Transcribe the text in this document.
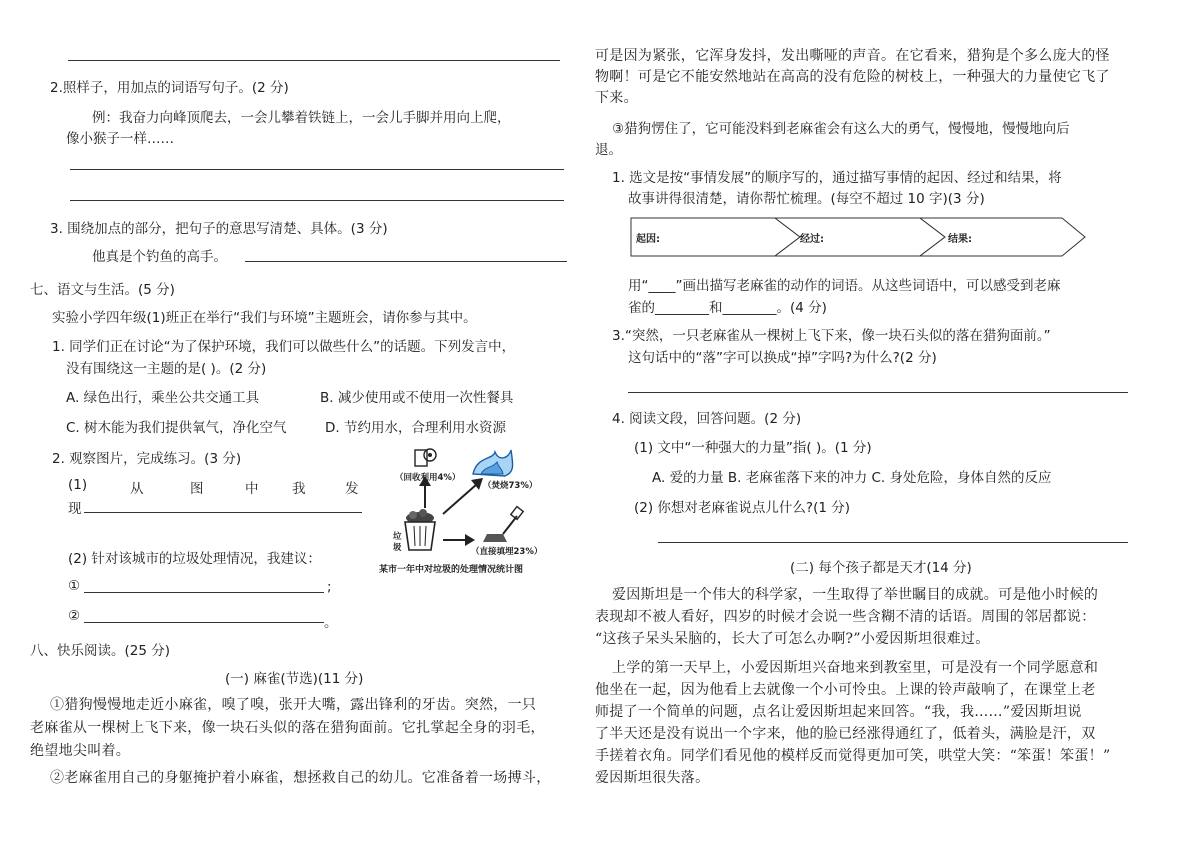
2.照样子，用加点的词语写句子。(2 分)
例：我奋力向峰顶爬去，一会儿攀着铁链上，一会儿手脚并用向上爬，
像小猴子一样……
3. 围绕加点的部分，把句子的意思写清楚、具体。(3 分)
他真是个钓鱼的高手。
七、语文与生活。(5 分)
实验小学四年级(1)班正在举行“我们与环境”主题班会，请你参与其中。
1. 同学们正在讨论“为了保护环境，我们可以做些什么”的话题。下列发言中，
没有围绕这一主题的是( )。(2 分)
A. 绿色出行，乘坐公共交通工具	B. 减少使用或不使用一次性餐具
C. 树木能为我们提供氧气，净化空气	D. 节约用水，合理利用水资源
2. 观察图片，完成练习。(3 分)
(1)	从	图	中 我	发
现
(2) 针对该城市的垃圾处理情况，我建议：
①	;
②	。
（回收利用4%）
（焚烧73%）
垃
圾	（直接填埋23%）
某市一年中对垃圾的处理情况统计图
八、快乐阅读。(25 分)
(一) 麻雀(节选)(11 分)
①猎狗慢慢地走近小麻雀，嗅了嗅，张开大嘴，露出锋利的牙齿。突然，一只
老麻雀从一棵树上飞下来，像一块石头似的落在猎狗面前。它扎掌起全身的羽毛，
绝望地尖叫着。
②老麻雀用自己的身躯掩护着小麻雀，想拯救自己的幼儿。它准备着一场搏斗，
可是因为紧张，它浑身发抖，发出嘶哑的声音。在它看来，猎狗是个多么庞大的怪
物啊！可是它不能安然地站在高高的没有危险的树枝上，一种强大的力量使它飞了
下来。
③猎狗愣住了，它可能没料到老麻雀会有这么大的勇气，慢慢地，慢慢地向后
退。
1. 选文是按“事情发展”的顺序写的，通过描写事情的起因、经过和结果，将
故事讲得很清楚，请你帮忙梳理。(每空不超过 10 字)(3 分)
起因:	经过:	结果:
用“____”画出描写老麻雀的动作的词语。从这些词语中，可以感受到老麻
雀的________和________。(4 分)
3.“突然，一只老麻雀从一棵树上飞下来，像一块石头似的落在猎狗面前。”
这句话中的“落”字可以换成“掉”字吗?为什么?(2 分)
4. 阅读文段，回答问题。(2 分)
(1) 文中“一种强大的力量”指( )。(1 分)
A. 爱的力量 B. 老麻雀落下来的冲力 C. 身处危险，身体自然的反应
(2) 你想对老麻雀说点儿什么?(1 分)
(二) 每个孩子都是天才(14 分)
爱因斯坦是一个伟大的科学家，一生取得了举世瞩目的成就。可是他小时候的
表现却不被人看好，四岁的时候才会说一些含糊不清的话语。周围的邻居都说：
“这孩子呆头呆脑的，长大了可怎么办啊?”小爱因斯坦很难过。
上学的第一天早上，小爱因斯坦兴奋地来到教室里，可是没有一个同学愿意和
他坐在一起，因为他看上去就像一个小可怜虫。上课的铃声敲响了，在课堂上老
师提了一个简单的问题，点名让爱因斯坦起来回答。“我，我……”爱因斯坦说
了半天还是没有说出一个字来，他的脸已经涨得通红了，低着头，满脸是汗，双
手搓着衣角。同学们看见他的模样反而觉得更加可笑，哄堂大笑：“笨蛋！笨蛋！”
爱因斯坦很失落。
